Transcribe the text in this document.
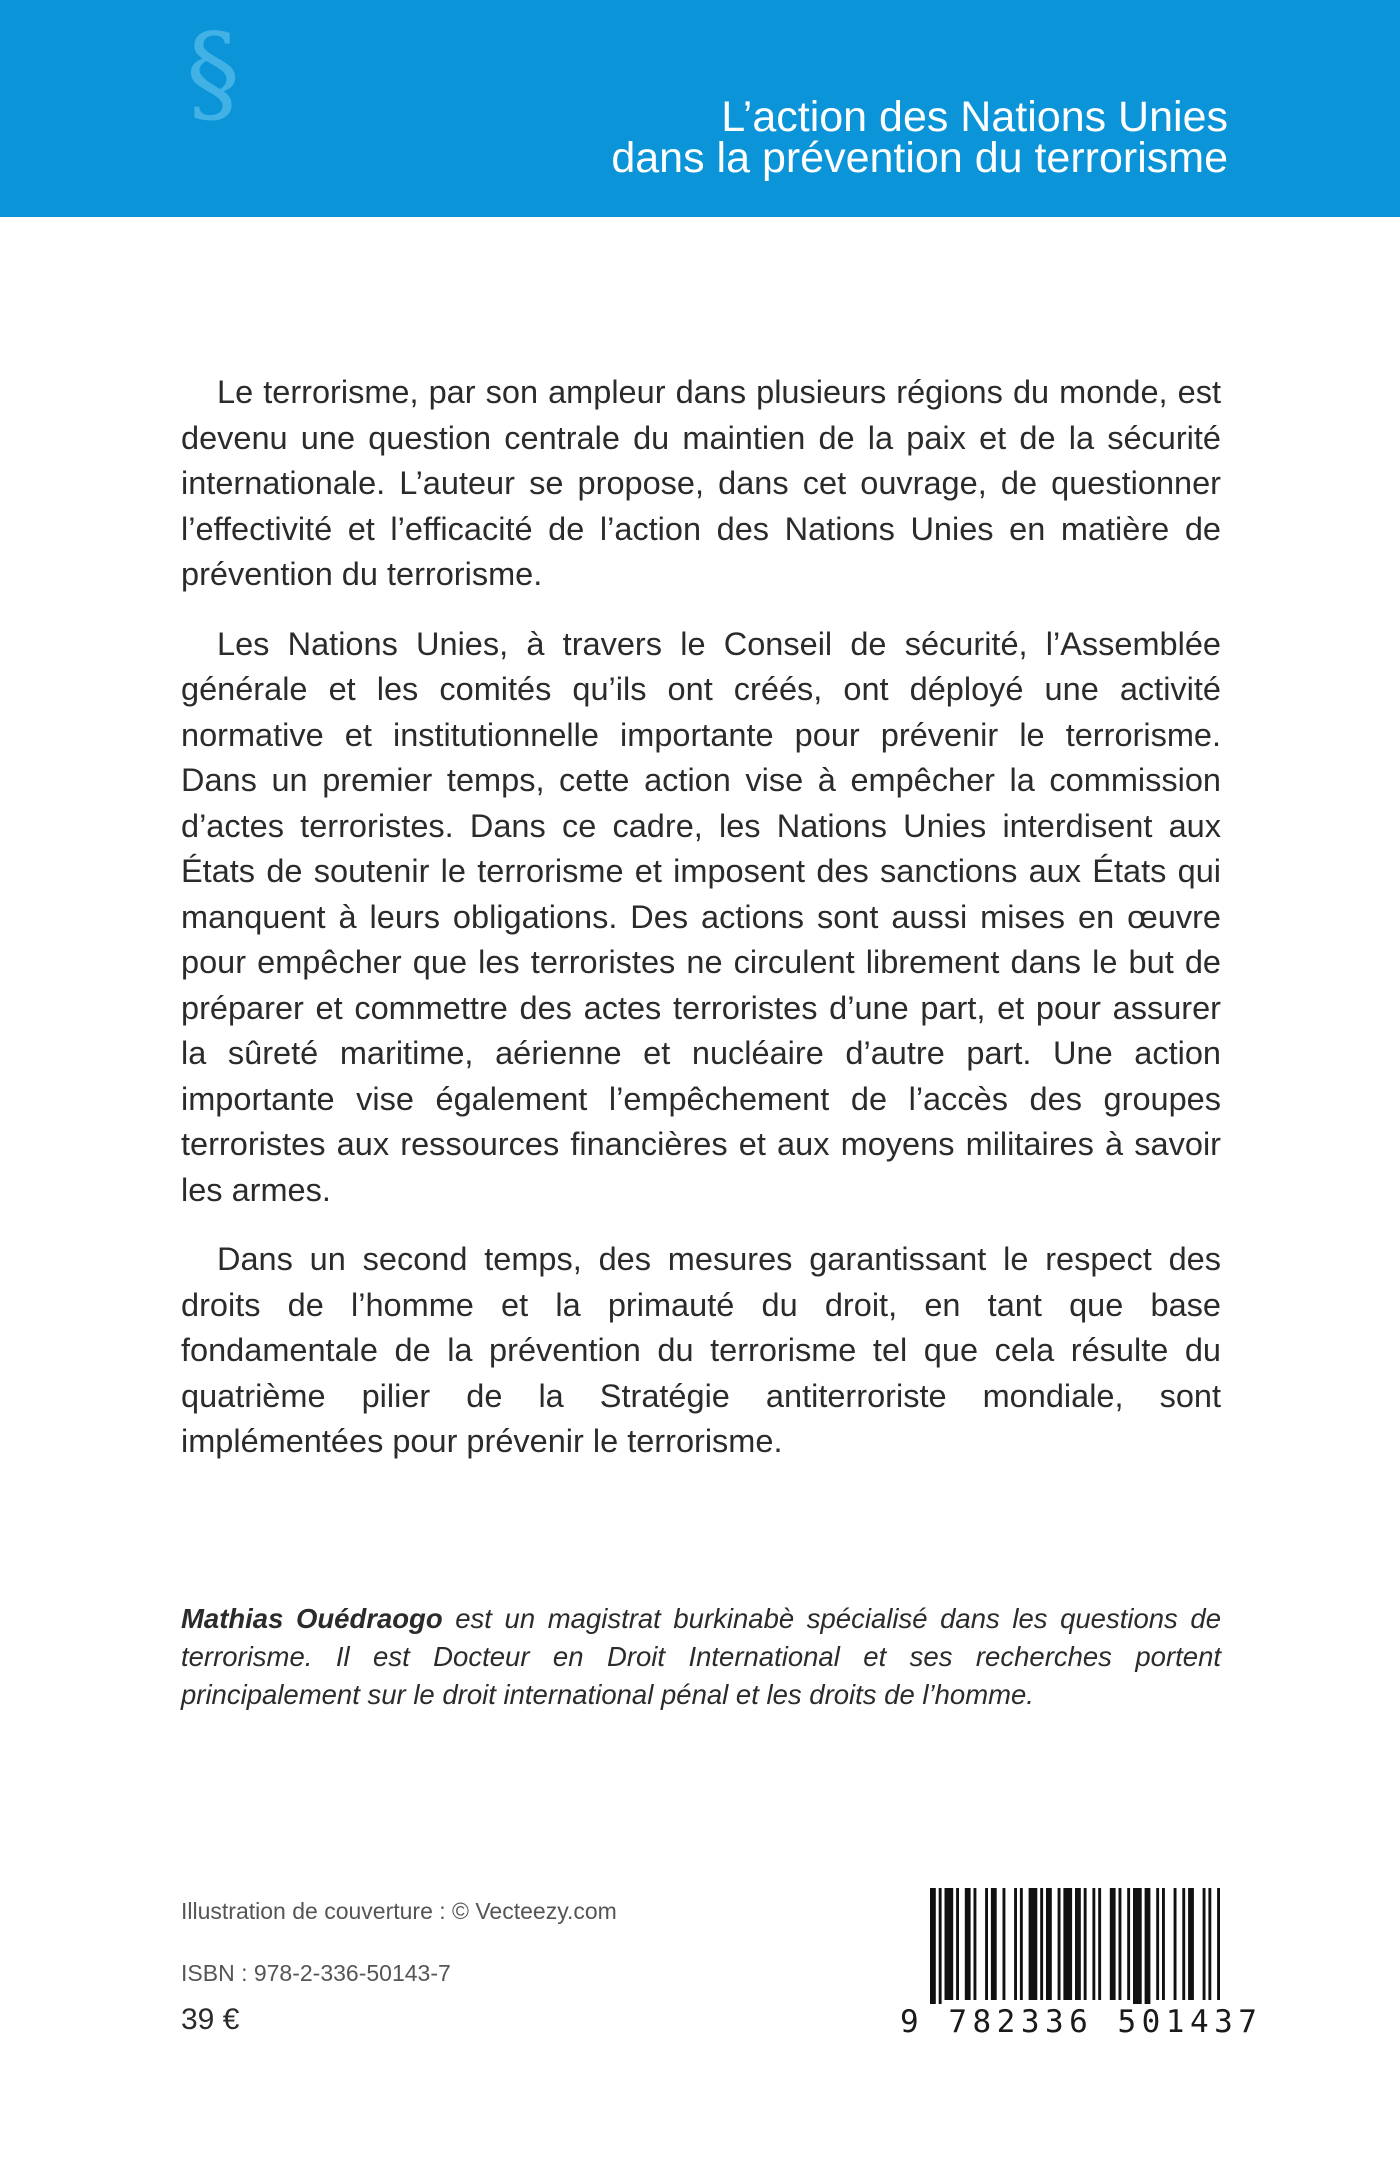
§	L’action des Nations Unies
dans la prévention du terrorisme

Le terrorisme, par son ampleur dans plusieurs régions du monde, est devenu une question centrale du maintien de la paix et de la sécurité internationale. L’auteur se propose, dans cet ouvrage, de questionner l’effectivité et l’efficacité de l’action des Nations Unies en matière de prévention du terrorisme.

Les Nations Unies, à travers le Conseil de sécurité, l’Assemblée générale et les comités qu’ils ont créés, ont déployé une activité normative et institutionnelle importante pour prévenir le terrorisme. Dans un premier temps, cette action vise à empêcher la commission d’actes terroristes. Dans ce cadre, les Nations Unies interdisent aux États de soutenir le terrorisme et imposent des sanctions aux États qui manquent à leurs obligations. Des actions sont aussi mises en œuvre pour empêcher que les terroristes ne circulent librement dans le but de préparer et commettre des actes terroristes d’une part, et pour assurer la sûreté maritime, aérienne et nucléaire d’autre part. Une action importante vise également l’empêchement de l’accès des groupes terroristes aux ressources financières et aux moyens militaires à savoir les armes.

Dans un second temps, des mesures garantissant le respect des droits de l’homme et la primauté du droit, en tant que base fondamentale de la prévention du terrorisme tel que cela résulte du quatrième pilier de la Stratégie antiterroriste mondiale, sont implémentées pour prévenir le terrorisme.

Mathias Ouédraogo est un magistrat burkinabè spécialisé dans les questions de terrorisme. Il est Docteur en Droit International et ses recherches portent principalement sur le droit international pénal et les droits de l’homme.
Illustration de couverture : © Vecteezy.com
ISBN : 978-2-336-50143-7
39 €	9 782336 501437
